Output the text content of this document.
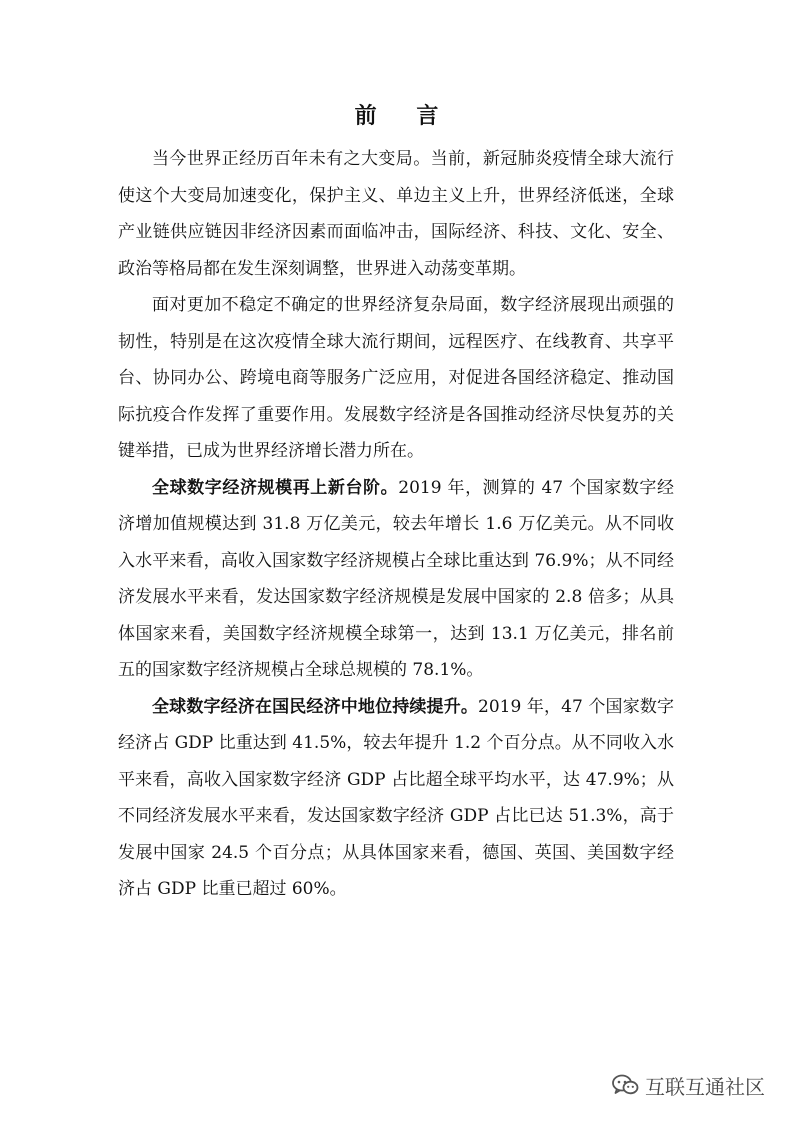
前 言

当今世界正经历百年未有之大变局。当前，新冠肺炎疫情全球大流行使这个大变局加速变化，保护主义、单边主义上升，世界经济低迷，全球产业链供应链因非经济因素而面临冲击，国际经济、科技、文化、安全、政治等格局都在发生深刻调整，世界进入动荡变革期。

面对更加不稳定不确定的世界经济复杂局面，数字经济展现出顽强的韧性，特别是在这次疫情全球大流行期间，远程医疗、在线教育、共享平台、协同办公、跨境电商等服务广泛应用，对促进各国经济稳定、推动国际抗疫合作发挥了重要作用。发展数字经济是各国推动经济尽快复苏的关键举措，已成为世界经济增长潜力所在。

全球数字经济规模再上新台阶。2019 年，测算的 47 个国家数字经济增加值规模达到 31.8 万亿美元，较去年增长 1.6 万亿美元。从不同收入水平来看，高收入国家数字经济规模占全球比重达到 76.9%；从不同经济发展水平来看，发达国家数字经济规模是发展中国家的 2.8 倍多；从具体国家来看，美国数字经济规模全球第一，达到 13.1 万亿美元，排名前五的国家数字经济规模占全球总规模的 78.1%。

全球数字经济在国民经济中地位持续提升。2019 年，47 个国家数字经济占 GDP 比重达到 41.5%，较去年提升 1.2 个百分点。从不同收入水平来看，高收入国家数字经济 GDP 占比超全球平均水平，达 47.9%；从不同经济发展水平来看，发达国家数字经济 GDP 占比已达 51.3%，高于发展中国家 24.5 个百分点；从具体国家来看，德国、英国、美国数字经济占 GDP 比重已超过 60%。

互联互通社区
